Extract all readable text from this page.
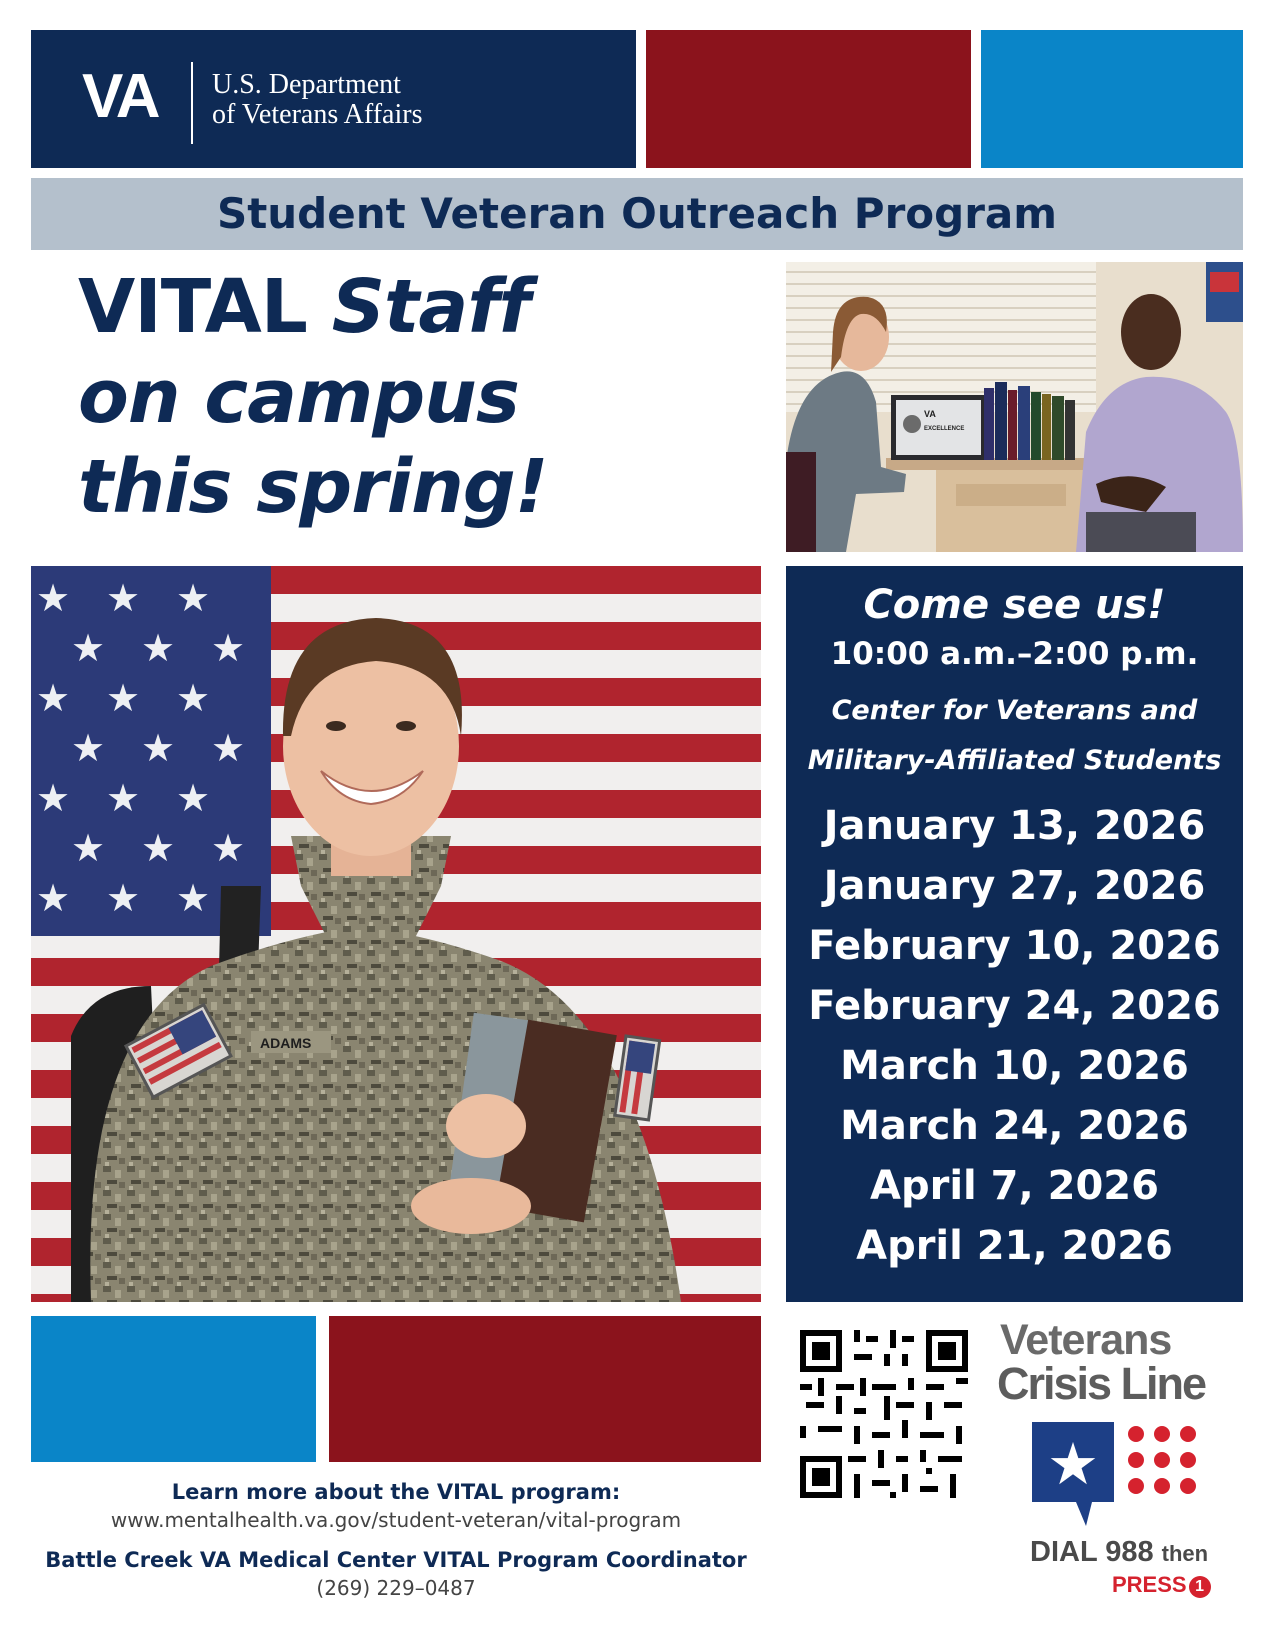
VA U.S. Department
of Veterans Affairs
Student Veteran Outreach Program
VITAL Staff
on campus
this spring!
VA
EXCELLENCE
★ ★ ★
★ ★ ★
★ ★ ★
★ ★ ★
★ ★ ★
★ ★ ★
★ ★ ★
ADAMS
Come see us!
10:00 a.m.–2:00 p.m.
Center for Veterans and
Military-Affiliated Students
January 13, 2026
January 27, 2026
February 10, 2026
February 24, 2026
March 10, 2026
March 24, 2026
April 7, 2026
April 21, 2026
Learn more about the VITAL program:
www.mentalhealth.va.gov/student-veteran/vital-program
Battle Creek VA Medical Center VITAL Program Coordinator
(269) 229–0487
Veterans
Crisis Line
★
DIAL 988 then
PRESS 1
